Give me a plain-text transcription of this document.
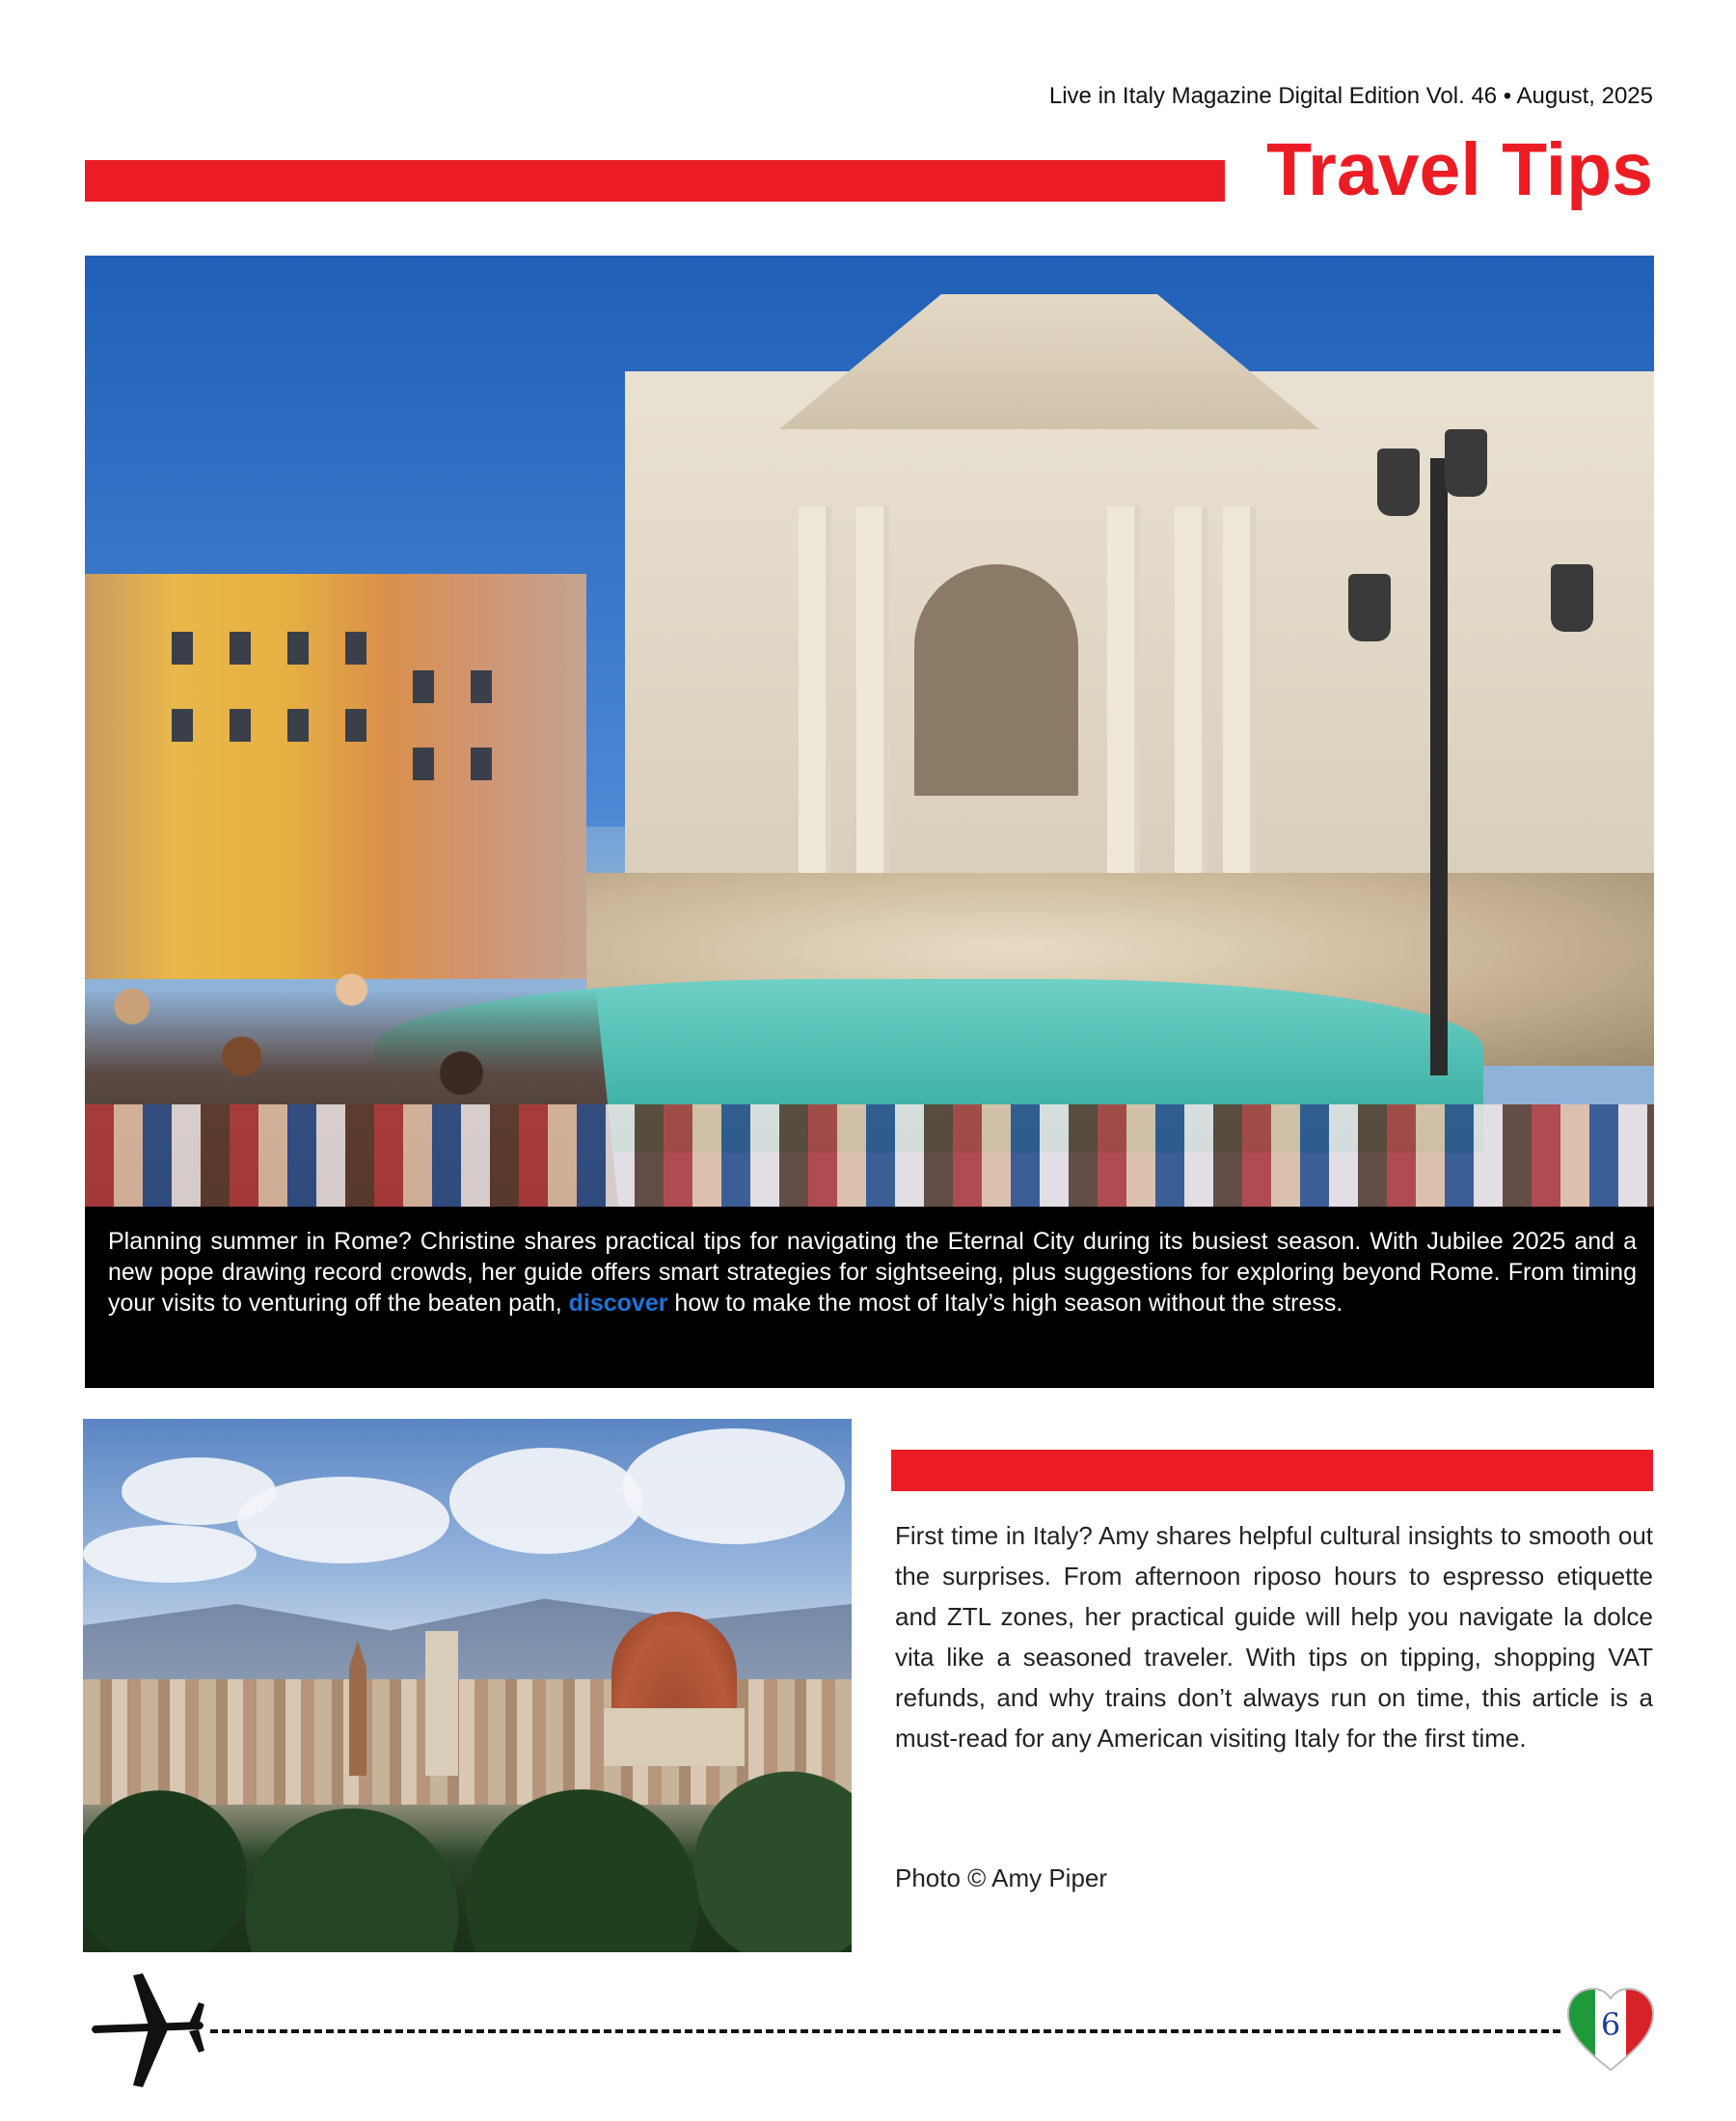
Live in Italy Magazine Digital Edition Vol. 46 • August, 2025
Travel Tips
Planning summer in Rome? Christine shares practical tips for navigating the Eternal City during its busiest season. With Jubilee 2025 and a new pope drawing record crowds, her guide offers smart strategies for sightseeing, plus suggestions for exploring beyond Rome. From timing your visits to venturing off the beaten path, discover how to make the most of Italy’s high season without the stress.
First time in Italy? Amy shares helpful cultural insights to smooth out the surprises. From afternoon riposo hours to espresso etiquette and ZTL zones, her practical guide will help you navigate la dolce vita like a seasoned traveler. With tips on tipping, shopping VAT refunds, and why trains don’t always run on time, this article is a must-read for any American visiting Italy for the first time.
Photo © Amy Piper
6
